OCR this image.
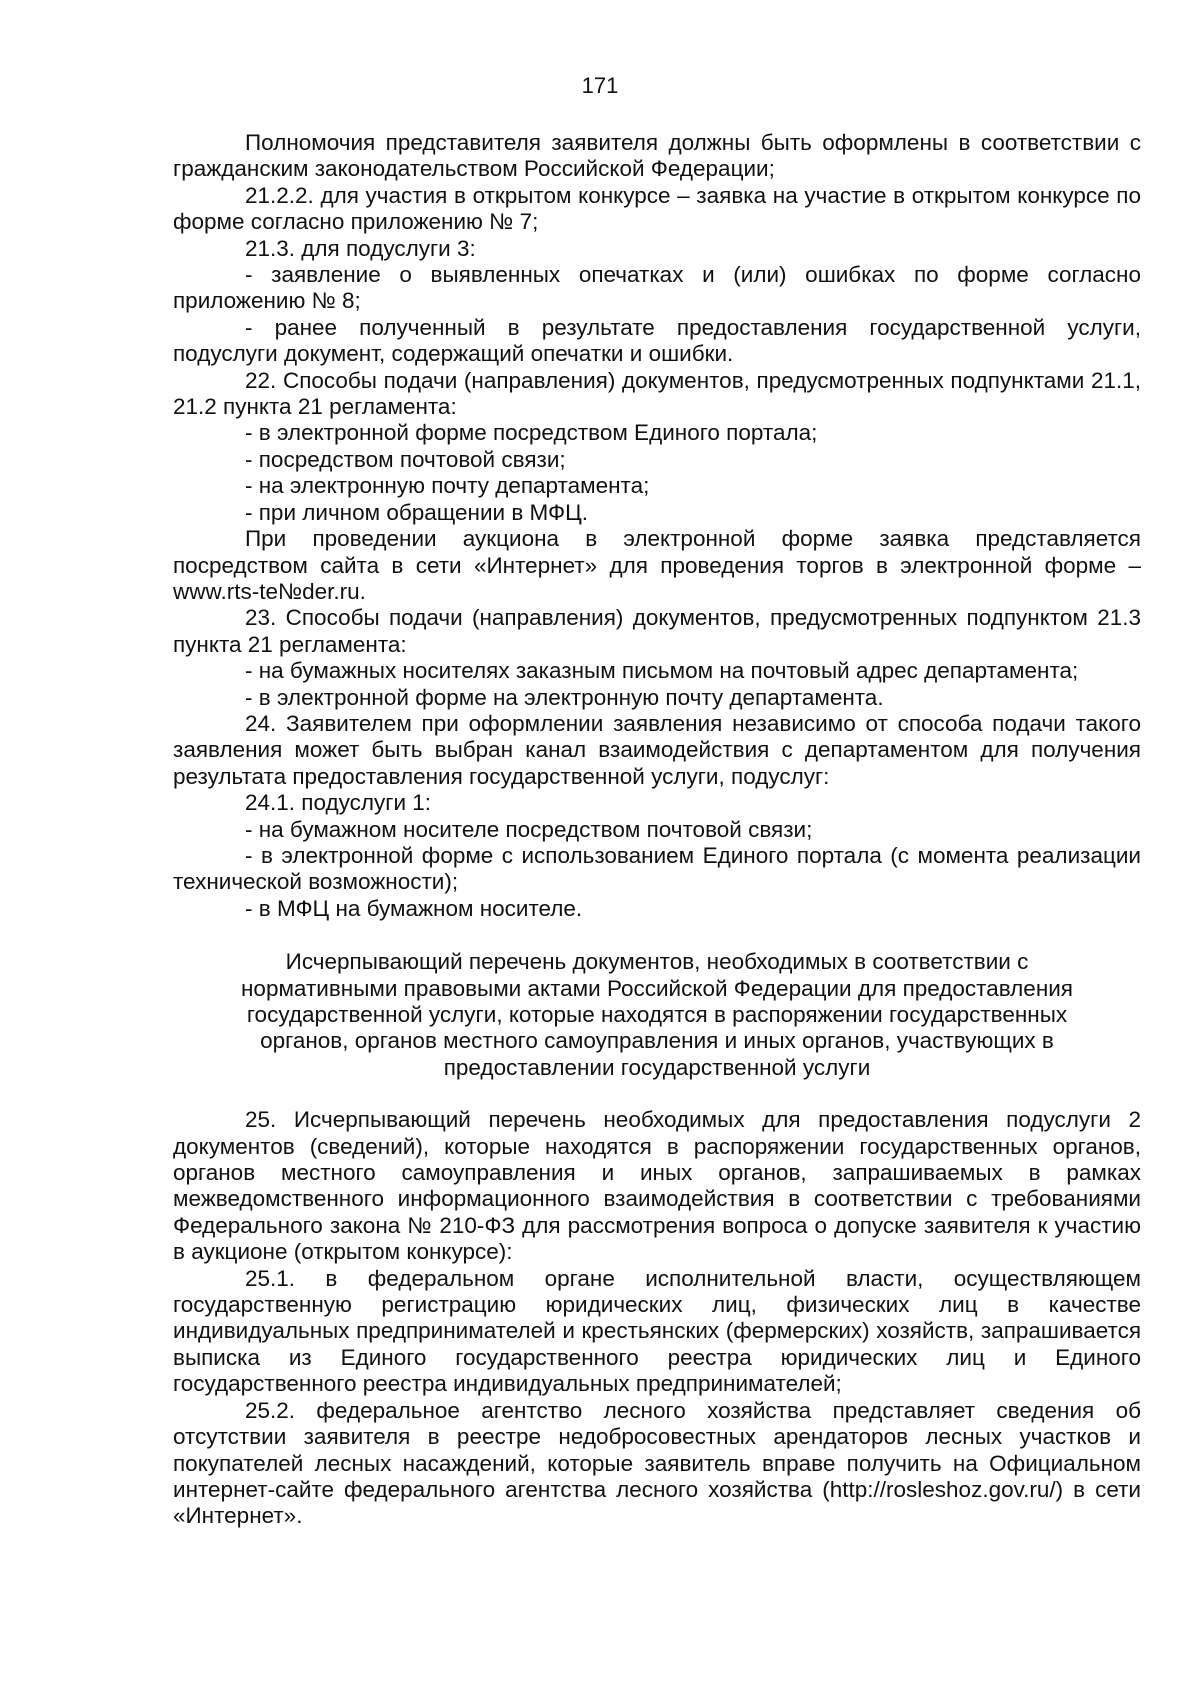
171

Полномочия представителя заявителя должны быть оформлены в соответствии с гражданским законодательством Российской Федерации;

21.2.2. для участия в открытом конкурсе – заявка на участие в открытом конкурсе по форме согласно приложению № 7;

21.3. для подуслуги 3:

- заявление о выявленных опечатках и (или) ошибках по форме согласно приложению № 8;

- ранее полученный в результате предоставления государственной услуги, подуслуги документ, содержащий опечатки и ошибки.

22. Способы подачи (направления) документов, предусмотренных подпунктами 21.1, 21.2 пункта 21 регламента:

- в электронной форме посредством Единого портала;

- посредством почтовой связи;

- на электронную почту департамента;

- при личном обращении в МФЦ.

При проведении аукциона в электронной форме заявка представляется посредством сайта в сети «Интернет» для проведения торгов в электронной форме – www.rts-te№der.ru.

23. Способы подачи (направления) документов, предусмотренных подпунктом 21.3 пункта 21 регламента:

- на бумажных носителях заказным письмом на почтовый адрес департамента;

- в электронной форме на электронную почту департамента.

24. Заявителем при оформлении заявления независимо от способа подачи такого заявления может быть выбран канал взаимодействия с департаментом для получения результата предоставления государственной услуги, подуслуг:

24.1. подуслуги 1:

- на бумажном носителе посредством почтовой связи;

- в электронной форме с использованием Единого портала (с момента реализации технической возможности);

- в МФЦ на бумажном носителе.

Исчерпывающий перечень документов, необходимых в соответствии с нормативными правовыми актами Российской Федерации для предоставления государственной услуги, которые находятся в распоряжении государственных органов, органов местного самоуправления и иных органов, участвующих в предоставлении государственной услуги

25. Исчерпывающий перечень необходимых для предоставления подуслуги 2 документов (сведений), которые находятся в распоряжении государственных органов, органов местного самоуправления и иных органов, запрашиваемых в рамках межведомственного информационного взаимодействия в соответствии с требованиями Федерального закона № 210-ФЗ для рассмотрения вопроса о допуске заявителя к участию в аукционе (открытом конкурсе):

25.1. в федеральном органе исполнительной власти, осуществляющем государственную регистрацию юридических лиц, физических лиц в качестве индивидуальных предпринимателей и крестьянских (фермерских) хозяйств, запрашивается выписка из Единого государственного реестра юридических лиц и Единого государственного реестра индивидуальных предпринимателей;

25.2. федеральное агентство лесного хозяйства представляет сведения об отсутствии заявителя в реестре недобросовестных арендаторов лесных участков и покупателей лесных насаждений, которые заявитель вправе получить на Официальном интернет-сайте федерального агентства лесного хозяйства (http://rosleshoz.gov.ru/) в сети «Интернет».
